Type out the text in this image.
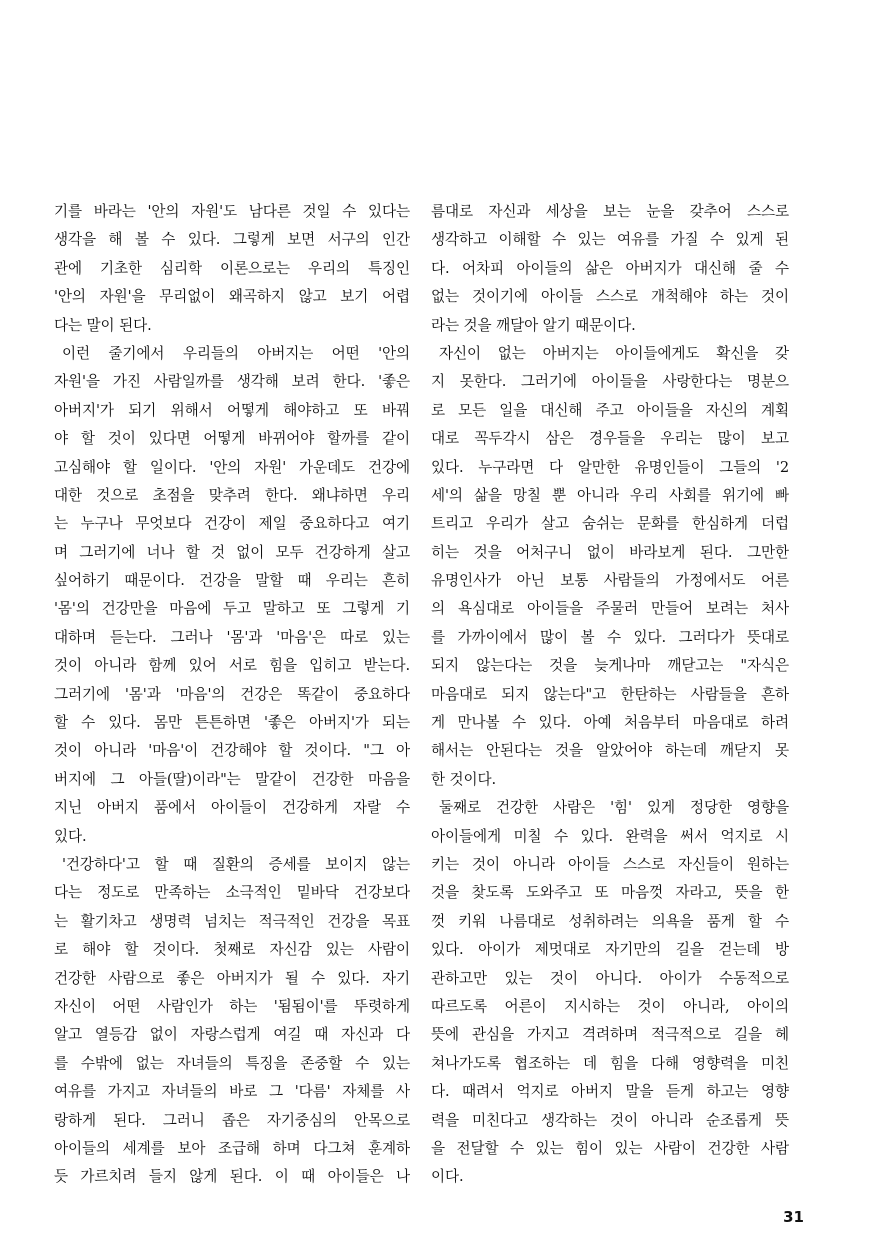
기를 바라는 '안의 자원'도 남다른 것일 수 있다는
생각을 해 볼 수 있다. 그렇게 보면 서구의 인간
관에 기초한 심리학 이론으로는 우리의 특징인
'안의 자원'을 무리없이 왜곡하지 않고 보기 어렵
다는 말이 된다.
이런 줄기에서 우리들의 아버지는 어떤 '안의
자원'을 가진 사람일까를 생각해 보려 한다. '좋은
아버지'가 되기 위해서 어떻게 해야하고 또 바꿔
야 할 것이 있다면 어떻게 바뀌어야 할까를 같이
고심해야 할 일이다. '안의 자원' 가운데도 건강에
대한 것으로 초점을 맞추려 한다. 왜냐하면 우리
는 누구나 무엇보다 건강이 제일 중요하다고 여기
며 그러기에 너나 할 것 없이 모두 건강하게 살고
싶어하기 때문이다. 건강을 말할 때 우리는 흔히
'몸'의 건강만을 마음에 두고 말하고 또 그렇게 기
대하며 듣는다. 그러나 '몸'과 '마음'은 따로 있는
것이 아니라 함께 있어 서로 힘을 입히고 받는다.
그러기에 '몸'과 '마음'의 건강은 똑같이 중요하다
할 수 있다. 몸만 튼튼하면 '좋은 아버지'가 되는
것이 아니라 '마음'이 건강해야 할 것이다. "그 아
버지에 그 아들(딸)이라"는 말같이 건강한 마음을
지닌 아버지 품에서 아이들이 건강하게 자랄 수
있다.
'건강하다'고 할 때 질환의 증세를 보이지 않는
다는 정도로 만족하는 소극적인 밑바닥 건강보다
는 활기차고 생명력 넘치는 적극적인 건강을 목표
로 해야 할 것이다. 첫째로 자신감 있는 사람이
건강한 사람으로 좋은 아버지가 될 수 있다. 자기
자신이 어떤 사람인가 하는 '됨됨이'를 뚜렷하게
알고 열등감 없이 자랑스럽게 여길 때 자신과 다
를 수밖에 없는 자녀들의 특징을 존중할 수 있는
여유를 가지고 자녀들의 바로 그 '다름' 자체를 사
랑하게 된다. 그러니 좁은 자기중심의 안목으로
아이들의 세계를 보아 조급해 하며 다그쳐 훈계하
듯 가르치려 들지 않게 된다. 이 때 아이들은 나
름대로 자신과 세상을 보는 눈을 갖추어 스스로
생각하고 이해할 수 있는 여유를 가질 수 있게 된
다. 어차피 아이들의 삶은 아버지가 대신해 줄 수
없는 것이기에 아이들 스스로 개척해야 하는 것이
라는 것을 깨달아 알기 때문이다.
자신이 없는 아버지는 아이들에게도 확신을 갖
지 못한다. 그러기에 아이들을 사랑한다는 명분으
로 모든 일을 대신해 주고 아이들을 자신의 계획
대로 꼭두각시 삼은 경우들을 우리는 많이 보고
있다. 누구라면 다 알만한 유명인들이 그들의 '2
세'의 삶을 망칠 뿐 아니라 우리 사회를 위기에 빠
트리고 우리가 살고 숨쉬는 문화를 한심하게 더럽
히는 것을 어처구니 없이 바라보게 된다. 그만한
유명인사가 아닌 보통 사람들의 가정에서도 어른
의 욕심대로 아이들을 주물러 만들어 보려는 처사
를 가까이에서 많이 볼 수 있다. 그러다가 뜻대로
되지 않는다는 것을 늦게나마 깨닫고는 "자식은
마음대로 되지 않는다"고 한탄하는 사람들을 흔하
게 만나볼 수 있다. 아예 처음부터 마음대로 하려
해서는 안된다는 것을 알았어야 하는데 깨닫지 못
한 것이다.
둘째로 건강한 사람은 '힘' 있게 정당한 영향을
아이들에게 미칠 수 있다. 완력을 써서 억지로 시
키는 것이 아니라 아이들 스스로 자신들이 원하는
것을 찾도록 도와주고 또 마음껏 자라고, 뜻을 한
껏 키워 나름대로 성취하려는 의욕을 품게 할 수
있다. 아이가 제멋대로 자기만의 길을 걷는데 방
관하고만 있는 것이 아니다. 아이가 수동적으로
따르도록 어른이 지시하는 것이 아니라, 아이의
뜻에 관심을 가지고 격려하며 적극적으로 길을 헤
쳐나가도록 협조하는 데 힘을 다해 영향력을 미친
다. 때려서 억지로 아버지 말을 듣게 하고는 영향
력을 미친다고 생각하는 것이 아니라 순조롭게 뜻
을 전달할 수 있는 힘이 있는 사람이 건강한 사람
이다.
31
